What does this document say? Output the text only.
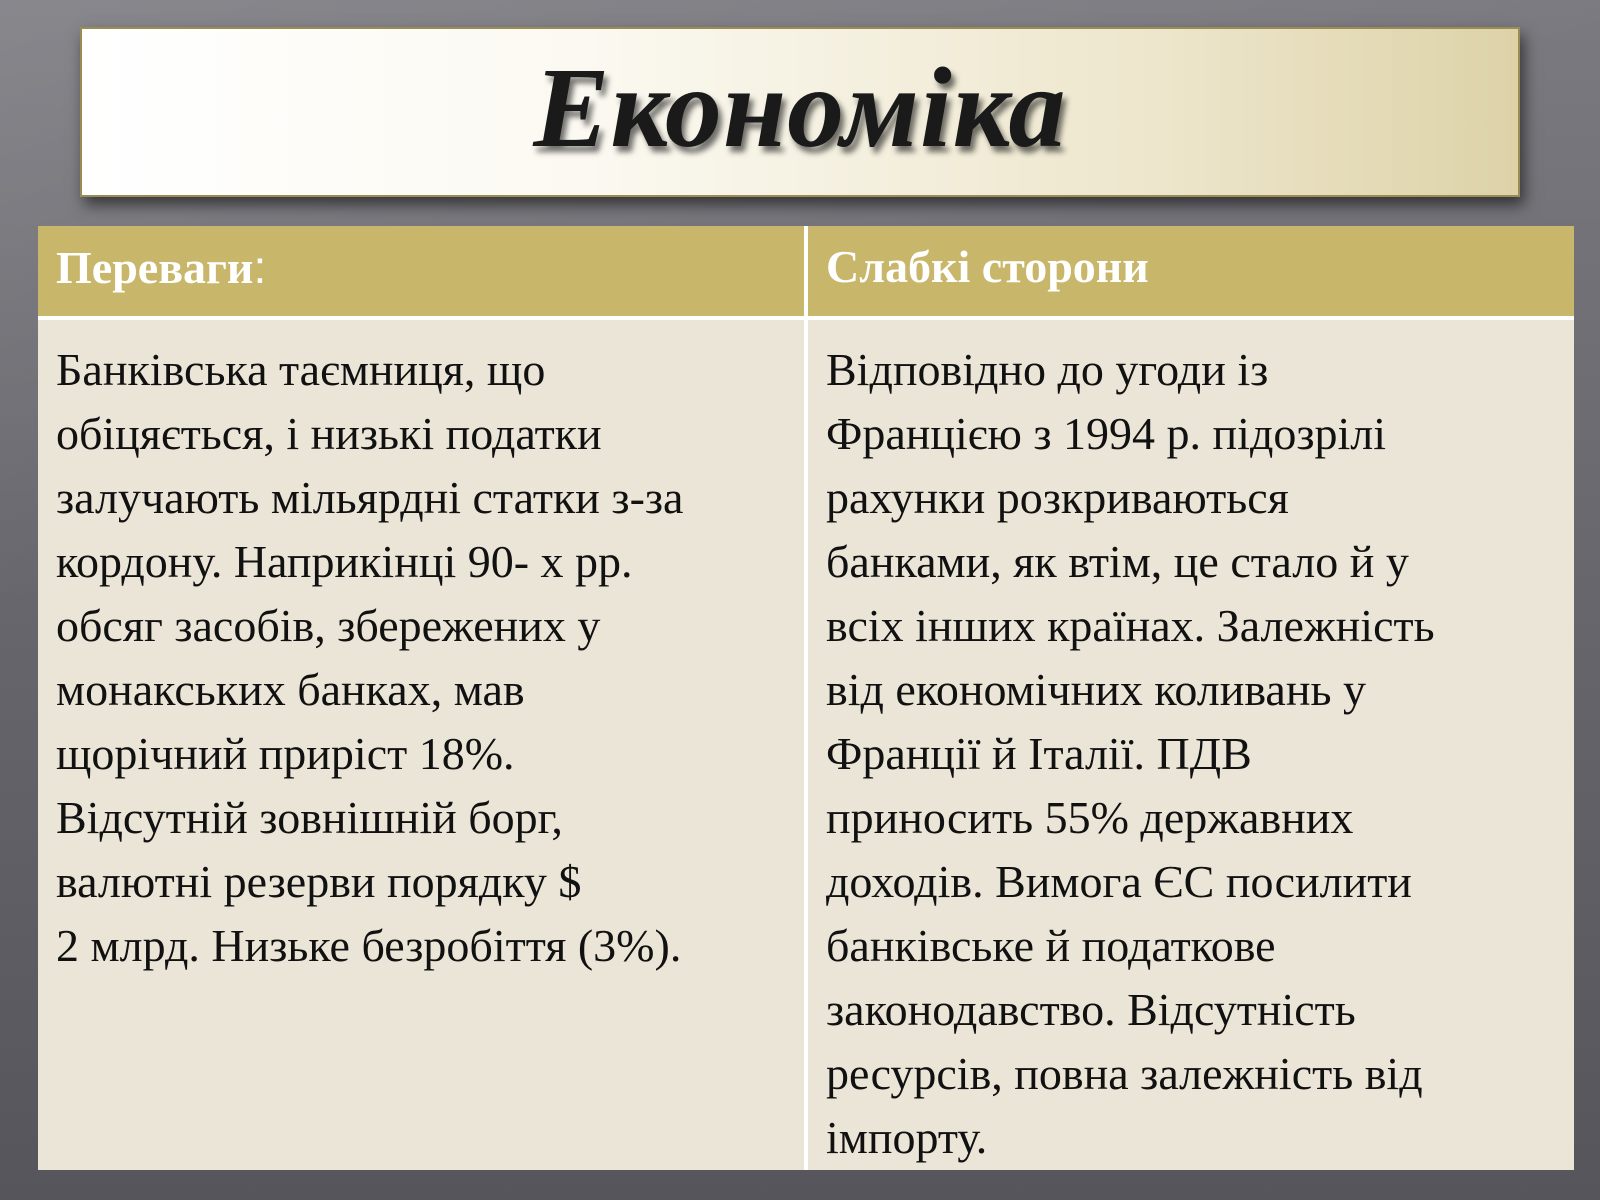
Економіка
Переваги:	Слабкі сторони
Банківська таємниця, що
обіцяється, і низькі податки
залучають мільярдні статки з-за
кордону. Наприкінці 90- х рр.
обсяг засобів, збережених у
монакських банках, мав
щорічний приріст 18%.
Відсутній зовнішній борг,
валютні резерви порядку $
2 млрд. Низьке безробіття (3%).
Відповідно до угоди із
Францією з 1994 р. підозрілі
рахунки розкриваються
банками, як втім, це стало й у
всіх інших країнах. Залежність
від економічних коливань у
Франції й Італії. ПДВ
приносить 55% державних
доходів. Вимога ЄС посилити
банківське й податкове
законодавство. Відсутність
ресурсів, повна залежність від
імпорту.
